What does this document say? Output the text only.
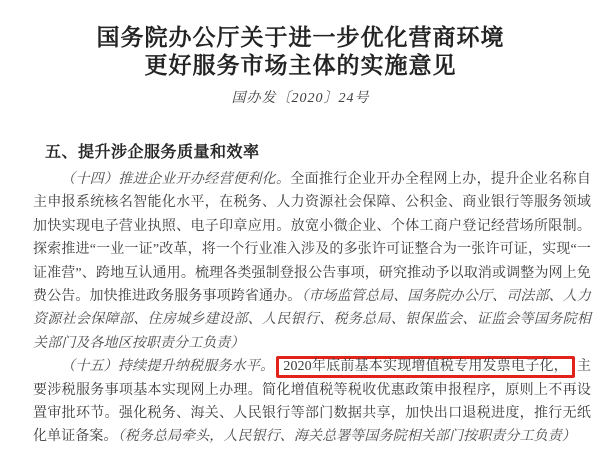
国务院办公厅关于进一步优化营商环境
更好服务市场主体的实施意见
国办发〔2020〕24号
五、提升涉企服务质量和效率

（十四）推进企业开办经营便利化。全面推行企业开办全程网上办，提升企业名称自主申报系统核名智能化水平，在税务、人力资源社会保障、公积金、商业银行等服务领域加快实现电子营业执照、电子印章应用。放宽小微企业、个体工商户登记经营场所限制。探索推进“一业一证”改革，将一个行业准入涉及的多张许可证整合为一张许可证，实现“一证准营”、跨地互认通用。梳理各类强制登报公告事项，研究推动予以取消或调整为网上免费公告。加快推进政务服务事项跨省通办。（市场监管总局、国务院办公厅、司法部、人力资源社会保障部、住房城乡建设部、人民银行、税务总局、银保监会、证监会等国务院相关部门及各地区按职责分工负责）

（十五）持续提升纳税服务水平。 2020年底前基本实现增值税专用发票电子化， 主要涉税服务事项基本实现网上办理。简化增值税等税收优惠政策申报程序，原则上不再设置审批环节。强化税务、海关、人民银行等部门数据共享，加快出口退税进度，推行无纸化单证备案。（税务总局牵头，人民银行、海关总署等国务院相关部门按职责分工负责）
